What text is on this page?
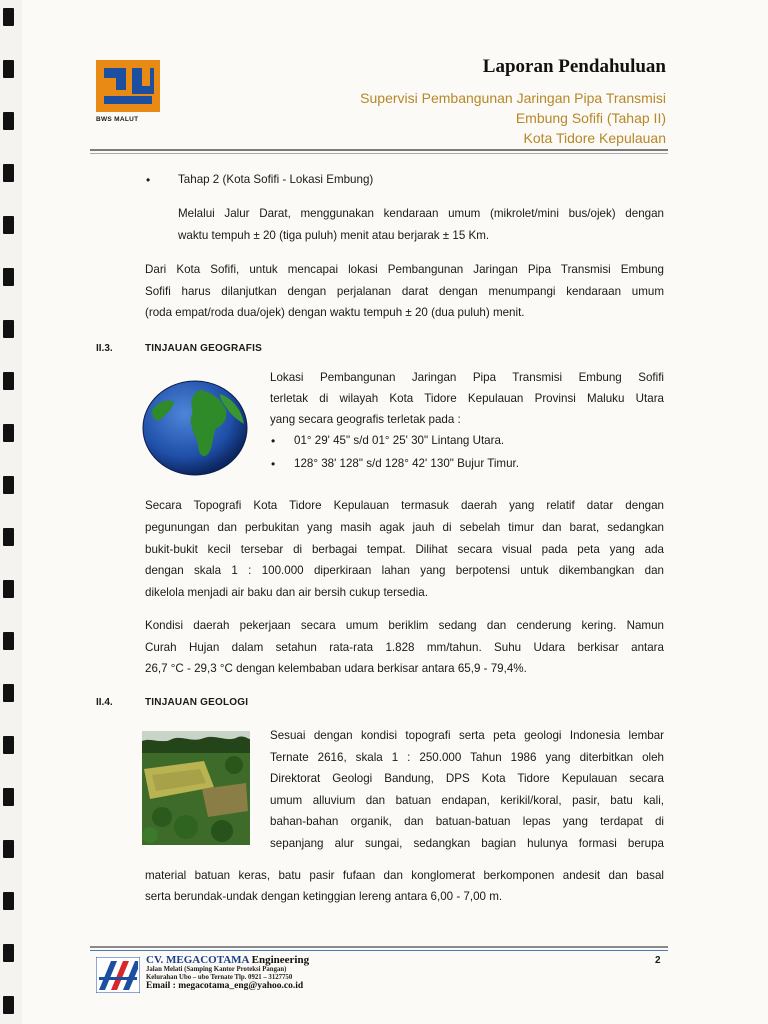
BWS MALUT
Laporan Pendahuluan
Supervisi Pembangunan Jaringan Pipa Transmisi
Embung Sofifi (Tahap II)
Kota Tidore Kepulauan
• Tahap 2 (Kota Sofifi - Lokasi Embung)
Melalui Jalur Darat, menggunakan kendaraan umum (mikrolet/mini bus/ojek) dengan
waktu tempuh ± 20 (tiga puluh) menit atau berjarak ± 15 Km.
Dari Kota Sofifi, untuk mencapai lokasi Pembangunan Jaringan Pipa Transmisi Embung
Sofifi harus dilanjutkan dengan perjalanan darat dengan menumpangi kendaraan umum
(roda empat/roda dua/ojek) dengan waktu tempuh ± 20 (dua puluh) menit.
II.3.	TINJAUAN GEOGRAFIS
Lokasi Pembangunan Jaringan Pipa Transmisi Embung Sofifi
terletak di wilayah Kota Tidore Kepulauan Provinsi Maluku Utara
yang secara geografis terletak pada :
• 01° 29' 45" s/d 01° 25' 30" Lintang Utara.
• 128° 38' 128" s/d 128° 42' 130" Bujur Timur.
Secara Topografi Kota Tidore Kepulauan termasuk daerah yang relatif datar dengan
pegunungan dan perbukitan yang masih agak jauh di sebelah timur dan barat, sedangkan
bukit-bukit kecil tersebar di berbagai tempat. Dilihat secara visual pada peta yang ada
dengan skala 1 : 100.000 diperkiraan lahan yang berpotensi untuk dikembangkan dan
dikelola menjadi air baku dan air bersih cukup tersedia.
Kondisi daerah pekerjaan secara umum beriklim sedang dan cenderung kering. Namun
Curah Hujan dalam setahun rata-rata 1.828 mm/tahun. Suhu Udara berkisar antara
26,7 °C - 29,3 °C dengan kelembaban udara berkisar antara 65,9 - 79,4%.
II.4.	TINJAUAN GEOLOGI
Sesuai dengan kondisi topografi serta peta geologi Indonesia lembar
Ternate 2616, skala 1 : 250.000 Tahun 1986 yang diterbitkan oleh
Direktorat Geologi Bandung, DPS Kota Tidore Kepulauan secara
umum alluvium dan batuan endapan, kerikil/koral, pasir, batu kali,
bahan-bahan organik, dan batuan-batuan lepas yang terdapat di
sepanjang alur sungai, sedangkan bagian hulunya formasi berupa
material batuan keras, batu pasir fufaan dan konglomerat berkomponen andesit dan basal
serta berundak-undak dengan ketinggian lereng antara 6,00 - 7,00 m.
CV. MEGACOTAMA Engineering
Jalan Melati (Samping Kantor Proteksi Pangan)
Kelurahan Ubo – ubo Ternate Tlp. 0921 – 3127750
Email : megacotama_eng@yahoo.co.id
2
